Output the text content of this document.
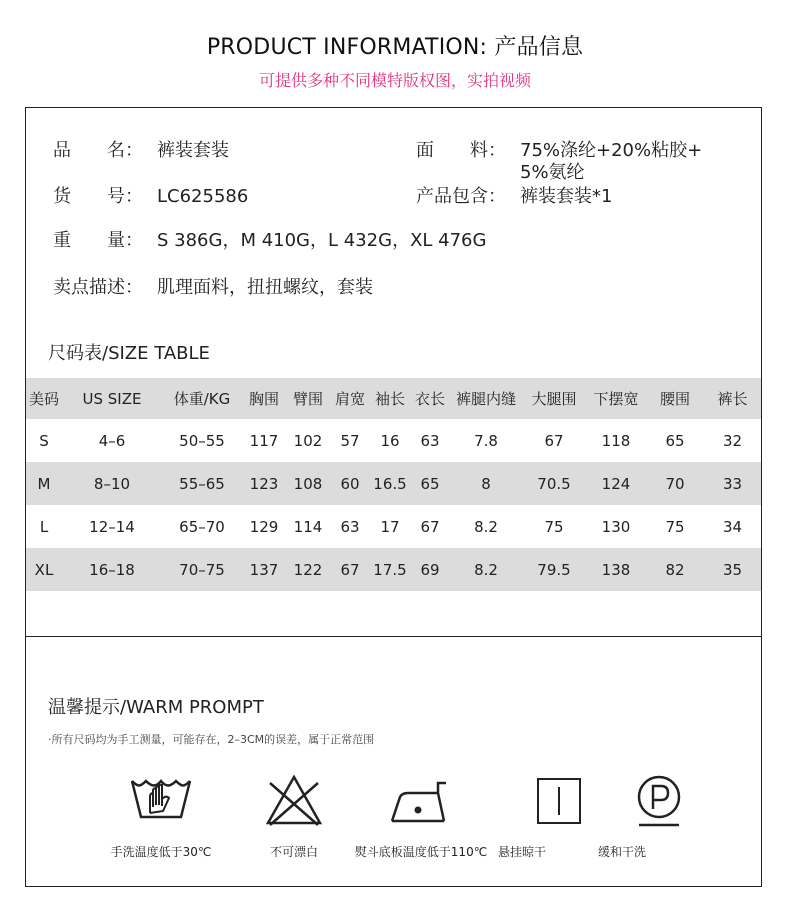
PRODUCT INFORMATION: 产品信息
可提供多种不同模特版权图，实拍视频
品　　名： 裤装套装	面　　料： 75%涤纶+20%粘胶+
5%氨纶
货　　号： LC625586	产品包含： 裤装套装*1
重　　量： S 386G，M 410G，L 432G，XL 476G
卖点描述： 肌理面料，扭扭螺纹，套装
尺码表/SIZE TABLE
美码	US SIZE	体重/KG	胸围	臂围	肩宽	袖长	衣长	裤腿内缝	大腿围	下摆宽	腰围	裤长
S	4–6	50–55	117	102	57	16	63	7.8	67	118	65	32
M	8–10	55–65	123	108	60	16.5	65	8	70.5	124	70	33
L	12–14	65–70	129	114	63	17	67	8.2	75	130	75	34
XL	16–18	70–75	137	122	67	17.5	69	8.2	79.5	138	82	35
温馨提示/WARM PROMPT
·所有尺码均为手工测量，可能存在，2–3CM的误差，属于正常范围
手洗温度低于30℃	不可漂白	熨斗底板温度低于110℃ 悬挂晾干	缓和干洗
